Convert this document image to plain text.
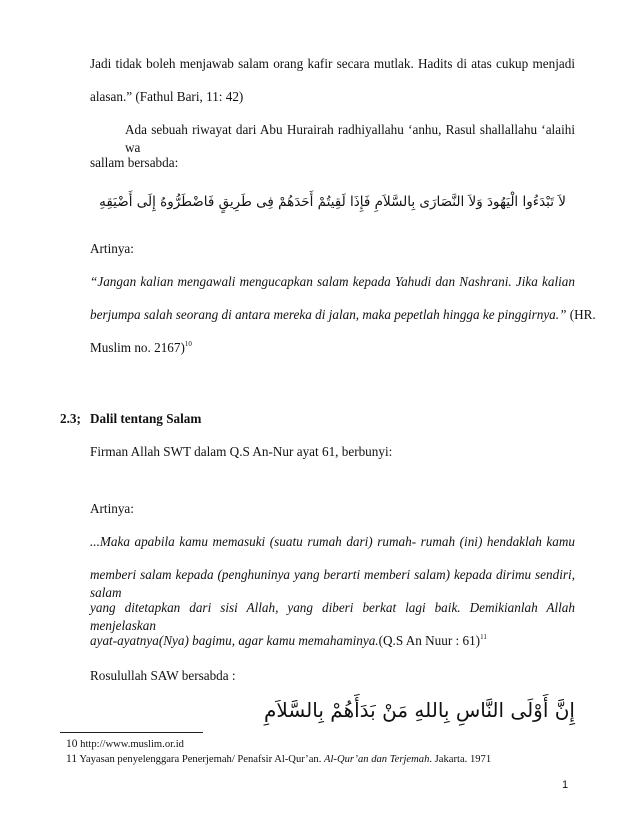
Jadi tidak boleh menjawab salam orang kafir secara mutlak. Hadits di atas cukup menjadi
alasan.” (Fathul Bari, 11: 42)
Ada sebuah riwayat dari Abu Hurairah radhiyallahu ‘anhu, Rasul shallallahu ‘alaihi wa
sallam bersabda:
لاَ تَبْدَءُوا الْيَهُودَ وَلاَ النَّصَارَى بِالسَّلاَمِ فَإِذَا لَقِيتُمْ أَحَدَهُمْ فِى طَرِيقٍ فَاضْطَرُّوهُ إِلَى أَضْيَقِهِ
Artinya:
“Jangan kalian mengawali mengucapkan salam kepada Yahudi dan Nashrani. Jika kalian
berjumpa salah seorang di antara mereka di jalan, maka pepetlah hingga ke pinggirnya.” (HR.
Muslim no. 2167)$^{10}$
2.3; Dalil tentang Salam
Firman Allah SWT dalam Q.S An-Nur ayat 61, berbunyi:
Artinya:
...Maka apabila kamu memasuki (suatu rumah dari) rumah- rumah (ini) hendaklah kamu
memberi salam kepada (penghuninya yang berarti memberi salam) kepada dirimu sendiri, salam
yang ditetapkan dari sisi Allah, yang diberi berkat lagi baik. Demikianlah Allah menjelaskan
ayat-ayatnya(Nya) bagimu, agar kamu memahaminya.(Q.S An Nuur : 61)$^{11}$
Rosulullah SAW bersabda :
إِنَّ أَوْلَى النَّاسِ بِاللهِ مَنْ بَدَأَهُمْ بِالسَّلاَمِ
10 http://www.muslim.or.id
11 Yayasan penyelenggara Penerjemah/ Penafsir Al-Qur’an. Al-Qur’an dan Terjemah. Jakarta. 1971
1
